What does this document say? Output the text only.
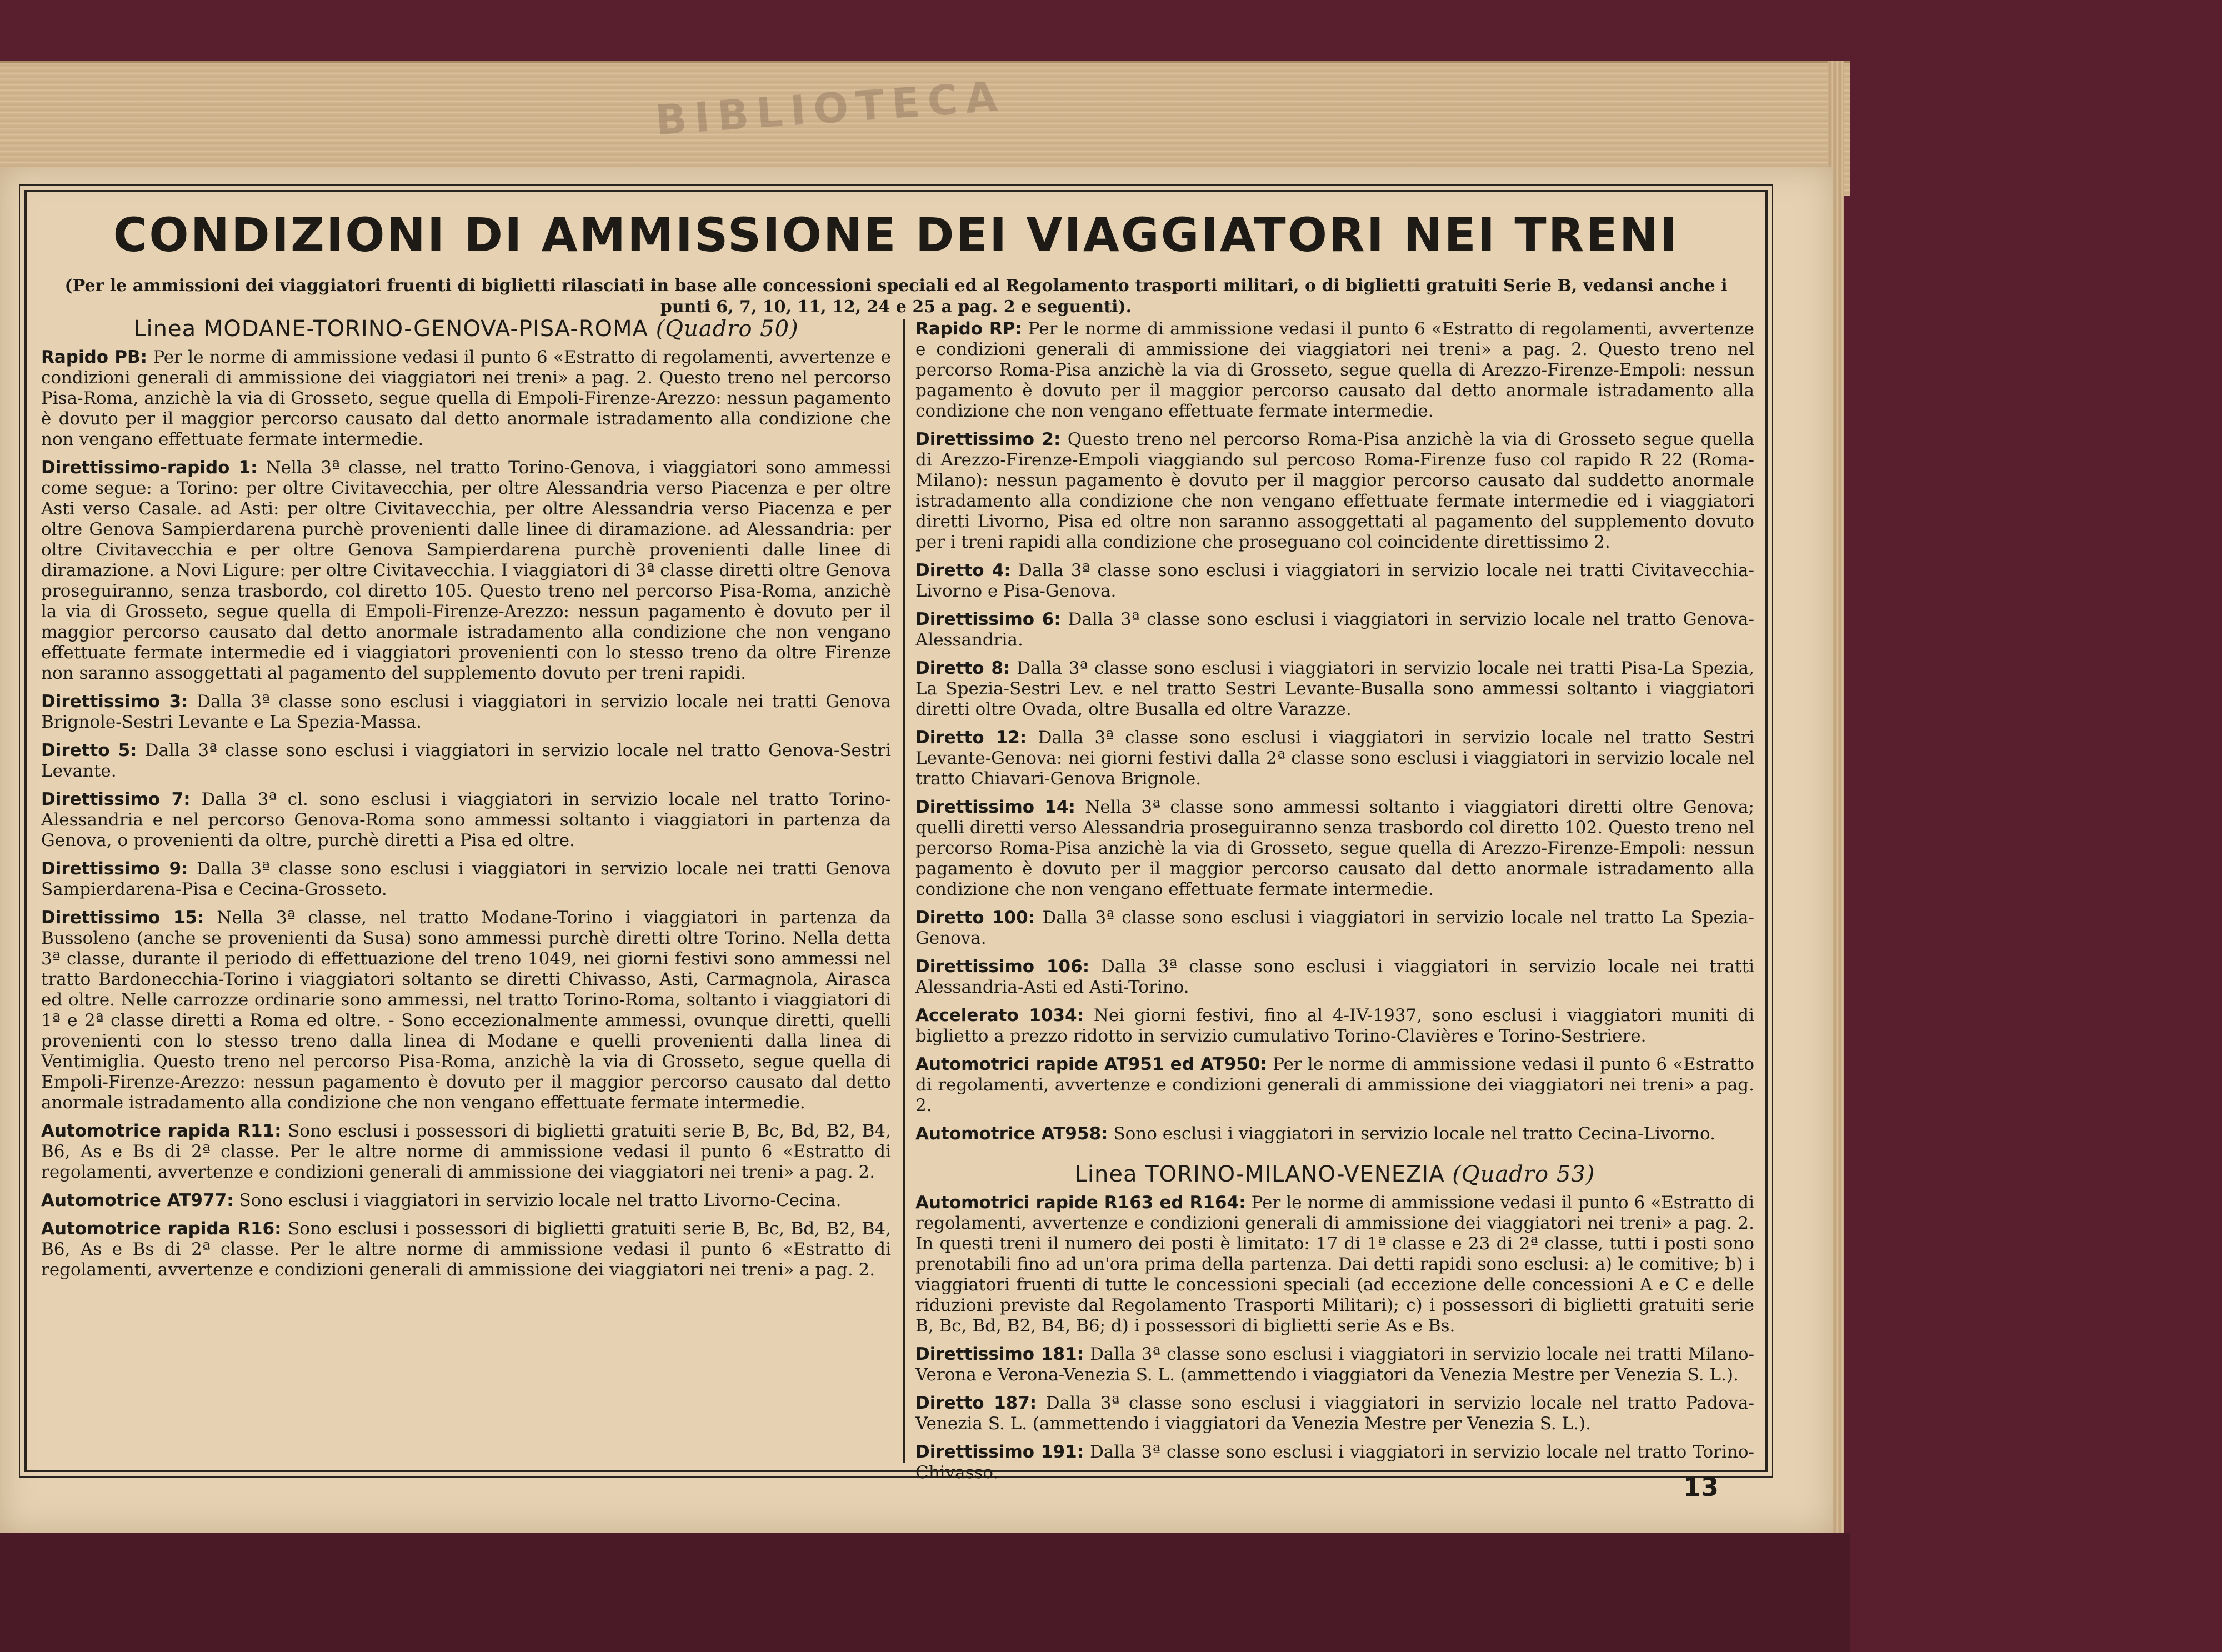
BIBLIOTECA
CONDIZIONI DI AMMISSIONE DEI VIAGGIATORI NEI TRENI
(Per le ammissioni dei viaggiatori fruenti di biglietti rilasciati in base alle concessioni speciali ed al Regolamento trasporti militari, o di biglietti gratuiti Serie B, vedansi anche i punti 6, 7, 10, 11, 12, 24 e 25 a pag. 2 e seguenti).
Linea MODANE-TORINO-GENOVA-PISA-ROMA (Quadro 50)

Rapido PB: Per le norme di ammissione vedasi il punto 6 «Estratto di regolamenti, avvertenze e condizioni generali di ammissione dei viaggiatori nei treni» a pag. 2. Questo treno nel percorso Pisa-Roma, anzichè la via di Grosseto, segue quella di Empoli-Firenze-Arezzo: nessun pagamento è dovuto per il maggior percorso causato dal detto anormale istradamento alla condizione che non vengano effettuate fermate intermedie.

Direttissimo-rapido 1: Nella 3ª classe, nel tratto Torino-Genova, i viaggiatori sono ammessi come segue: a Torino: per oltre Civitavecchia, per oltre Alessandria verso Piacenza e per oltre Asti verso Casale. ad Asti: per oltre Civitavecchia, per oltre Alessandria verso Piacenza e per oltre Genova Sampierdarena purchè provenienti dalle linee di diramazione. ad Alessandria: per oltre Civitavecchia e per oltre Genova Sampierdarena purchè provenienti dalle linee di diramazione. a Novi Ligure: per oltre Civitavecchia. I viaggiatori di 3ª classe diretti oltre Genova proseguiranno, senza trasbordo, col diretto 105. Questo treno nel percorso Pisa-Roma, anzichè la via di Grosseto, segue quella di Empoli-Firenze-Arezzo: nessun pagamento è dovuto per il maggior percorso causato dal detto anormale istradamento alla condizione che non vengano effettuate fermate intermedie ed i viaggiatori provenienti con lo stesso treno da oltre Firenze non saranno assoggettati al pagamento del supplemento dovuto per treni rapidi.

Direttissimo 3: Dalla 3ª classe sono esclusi i viaggiatori in servizio locale nei tratti Genova Brignole-Sestri Levante e La Spezia-Massa.

Diretto 5: Dalla 3ª classe sono esclusi i viaggiatori in servizio locale nel tratto Genova-Sestri Levante.

Direttissimo 7: Dalla 3ª cl. sono esclusi i viaggiatori in servizio locale nel tratto Torino-Alessandria e nel percorso Genova-Roma sono ammessi soltanto i viaggiatori in partenza da Genova, o provenienti da oltre, purchè diretti a Pisa ed oltre.

Direttissimo 9: Dalla 3ª classe sono esclusi i viaggiatori in servizio locale nei tratti Genova Sampierdarena-Pisa e Cecina-Grosseto.

Direttissimo 15: Nella 3ª classe, nel tratto Modane-Torino i viaggiatori in partenza da Bussoleno (anche se provenienti da Susa) sono ammessi purchè diretti oltre Torino. Nella detta 3ª classe, durante il periodo di effettuazione del treno 1049, nei giorni festivi sono ammessi nel tratto Bardonecchia-Torino i viaggiatori soltanto se diretti Chivasso, Asti, Carmagnola, Airasca ed oltre. Nelle carrozze ordinarie sono ammessi, nel tratto Torino-Roma, soltanto i viaggiatori di 1ª e 2ª classe diretti a Roma ed oltre. - Sono eccezionalmente ammessi, ovunque diretti, quelli provenienti con lo stesso treno dalla linea di Modane e quelli provenienti dalla linea di Ventimiglia. Questo treno nel percorso Pisa-Roma, anzichè la via di Grosseto, segue quella di Empoli-Firenze-Arezzo: nessun pagamento è dovuto per il maggior percorso causato dal detto anormale istradamento alla condizione che non vengano effettuate fermate intermedie.

Automotrice rapida R11: Sono esclusi i possessori di biglietti gratuiti serie B, Bc, Bd, B2, B4, B6, As e Bs di 2ª classe. Per le altre norme di ammissione vedasi il punto 6 «Estratto di regolamenti, avvertenze e condizioni generali di ammissione dei viaggiatori nei treni» a pag. 2.

Automotrice AT977: Sono esclusi i viaggiatori in servizio locale nel tratto Livorno-Cecina.

Automotrice rapida R16: Sono esclusi i possessori di biglietti gratuiti serie B, Bc, Bd, B2, B4, B6, As e Bs di 2ª classe. Per le altre norme di ammissione vedasi il punto 6 «Estratto di regolamenti, avvertenze e condizioni generali di ammissione dei viaggiatori nei treni» a pag. 2.

Rapido RP: Per le norme di ammissione vedasi il punto 6 «Estratto di regolamenti, avvertenze e condizioni generali di ammissione dei viaggiatori nei treni» a pag. 2. Questo treno nel percorso Roma-Pisa anzichè la via di Grosseto, segue quella di Arezzo-Firenze-Empoli: nessun pagamento è dovuto per il maggior percorso causato dal detto anormale istradamento alla condizione che non vengano effettuate fermate intermedie.

Direttissimo 2: Questo treno nel percorso Roma-Pisa anzichè la via di Grosseto segue quella di Arezzo-Firenze-Empoli viaggiando sul percoso Roma-Firenze fuso col rapido R 22 (Roma-Milano): nessun pagamento è dovuto per il maggior percorso causato dal suddetto anormale istradamento alla condizione che non vengano effettuate fermate intermedie ed i viaggiatori diretti Livorno, Pisa ed oltre non saranno assoggettati al pagamento del supplemento dovuto per i treni rapidi alla condizione che proseguano col coincidente direttissimo 2.

Diretto 4: Dalla 3ª classe sono esclusi i viaggiatori in servizio locale nei tratti Civitavecchia-Livorno e Pisa-Genova.

Direttissimo 6: Dalla 3ª classe sono esclusi i viaggiatori in servizio locale nel tratto Genova-Alessandria.

Diretto 8: Dalla 3ª classe sono esclusi i viaggiatori in servizio locale nei tratti Pisa-La Spezia, La Spezia-Sestri Lev. e nel tratto Sestri Levante-Busalla sono ammessi soltanto i viaggiatori diretti oltre Ovada, oltre Busalla ed oltre Varazze.

Diretto 12: Dalla 3ª classe sono esclusi i viaggiatori in servizio locale nel tratto Sestri Levante-Genova: nei giorni festivi dalla 2ª classe sono esclusi i viaggiatori in servizio locale nel tratto Chiavari-Genova Brignole.

Direttissimo 14: Nella 3ª classe sono ammessi soltanto i viaggiatori diretti oltre Genova; quelli diretti verso Alessandria proseguiranno senza trasbordo col diretto 102. Questo treno nel percorso Roma-Pisa anzichè la via di Grosseto, segue quella di Arezzo-Firenze-Empoli: nessun pagamento è dovuto per il maggior percorso causato dal detto anormale istradamento alla condizione che non vengano effettuate fermate intermedie.

Diretto 100: Dalla 3ª classe sono esclusi i viaggiatori in servizio locale nel tratto La Spezia-Genova.

Direttissimo 106: Dalla 3ª classe sono esclusi i viaggiatori in servizio locale nei tratti Alessandria-Asti ed Asti-Torino.

Accelerato 1034: Nei giorni festivi, fino al 4-IV-1937, sono esclusi i viaggiatori muniti di biglietto a prezzo ridotto in servizio cumulativo Torino-Clavières e Torino-Sestriere.

Automotrici rapide AT951 ed AT950: Per le norme di ammissione vedasi il punto 6 «Estratto di regolamenti, avvertenze e condizioni generali di ammissione dei viaggiatori nei treni» a pag. 2.

Automotrice AT958: Sono esclusi i viaggiatori in servizio locale nel tratto Cecina-Livorno.

Linea TORINO-MILANO-VENEZIA (Quadro 53)

Automotrici rapide R163 ed R164: Per le norme di ammissione vedasi il punto 6 «Estratto di regolamenti, avvertenze e condizioni generali di ammissione dei viaggiatori nei treni» a pag. 2. In questi treni il numero dei posti è limitato: 17 di 1ª classe e 23 di 2ª classe, tutti i posti sono prenotabili fino ad un'ora prima della partenza. Dai detti rapidi sono esclusi: a) le comitive; b) i viaggiatori fruenti di tutte le concessioni speciali (ad eccezione delle concessioni A e C e delle riduzioni previste dal Regolamento Trasporti Militari); c) i possessori di biglietti gratuiti serie B, Bc, Bd, B2, B4, B6; d) i possessori di biglietti serie As e Bs.

Direttissimo 181: Dalla 3ª classe sono esclusi i viaggiatori in servizio locale nei tratti Milano-Verona e Verona-Venezia S. L. (ammettendo i viaggiatori da Venezia Mestre per Venezia S. L.).

Diretto 187: Dalla 3ª classe sono esclusi i viaggiatori in servizio locale nel tratto Padova-Venezia S. L. (ammettendo i viaggiatori da Venezia Mestre per Venezia S. L.).

Direttissimo 191: Dalla 3ª classe sono esclusi i viaggiatori in servizio locale nel tratto Torino-Chivasso.	13
